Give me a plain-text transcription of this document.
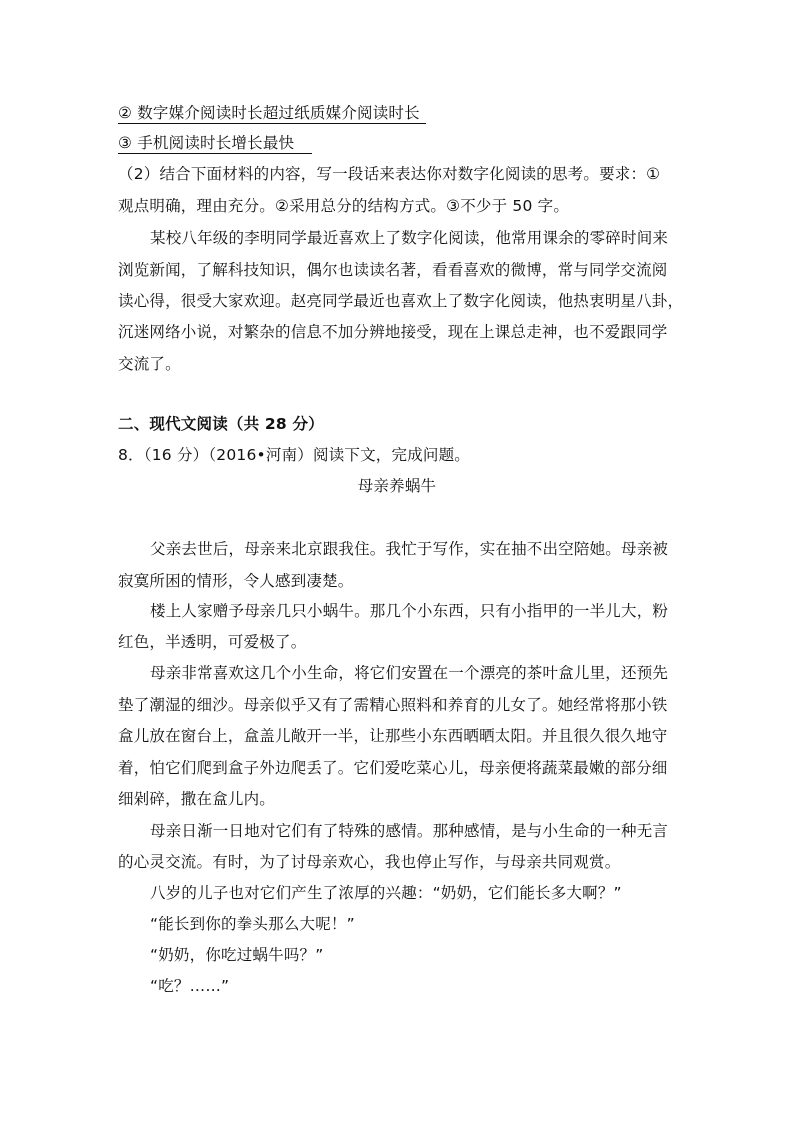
② 数字媒介阅读时长超过纸质媒介阅读时长
③ 手机阅读时长增长最快
（2）结合下面材料的内容，写一段话来表达你对数字化阅读的思考。要求：①
观点明确，理由充分。②采用总分的结构方式。③不少于 50 字。
某校八年级的李明同学最近喜欢上了数字化阅读，他常用课余的零碎时间来
浏览新闻，了解科技知识，偶尔也读读名著，看看喜欢的微博，常与同学交流阅
读心得，很受大家欢迎。赵亮同学最近也喜欢上了数字化阅读，他热衷明星八卦，
沉迷网络小说，对繁杂的信息不加分辨地接受，现在上课总走神，也不爱跟同学
交流了。
二、现代文阅读（共 28 分）
8．（16 分）（2016•河南）阅读下文，完成问题。
母亲养蜗牛
父亲去世后，母亲来北京跟我住。我忙于写作，实在抽不出空陪她。母亲被
寂寞所困的情形，令人感到凄楚。
楼上人家赠予母亲几只小蜗牛。那几个小东西，只有小指甲的一半儿大，粉
红色，半透明，可爱极了。
母亲非常喜欢这几个小生命，将它们安置在一个漂亮的茶叶盒儿里，还预先
垫了潮湿的细沙。母亲似乎又有了需精心照料和养育的儿女了。她经常将那小铁
盒儿放在窗台上，盒盖儿敞开一半，让那些小东西晒晒太阳。并且很久很久地守
着，怕它们爬到盒子外边爬丢了。它们爱吃菜心儿，母亲便将蔬菜最嫩的部分细
细剁碎，撒在盒儿内。
母亲日渐一日地对它们有了特殊的感情。那种感情，是与小生命的一种无言
的心灵交流。有时，为了讨母亲欢心，我也停止写作，与母亲共同观赏。
八岁的儿子也对它们产生了浓厚的兴趣：“奶奶，它们能长多大啊？”
“能长到你的拳头那么大呢！”
“奶奶，你吃过蜗牛吗？”
“吃？……”
